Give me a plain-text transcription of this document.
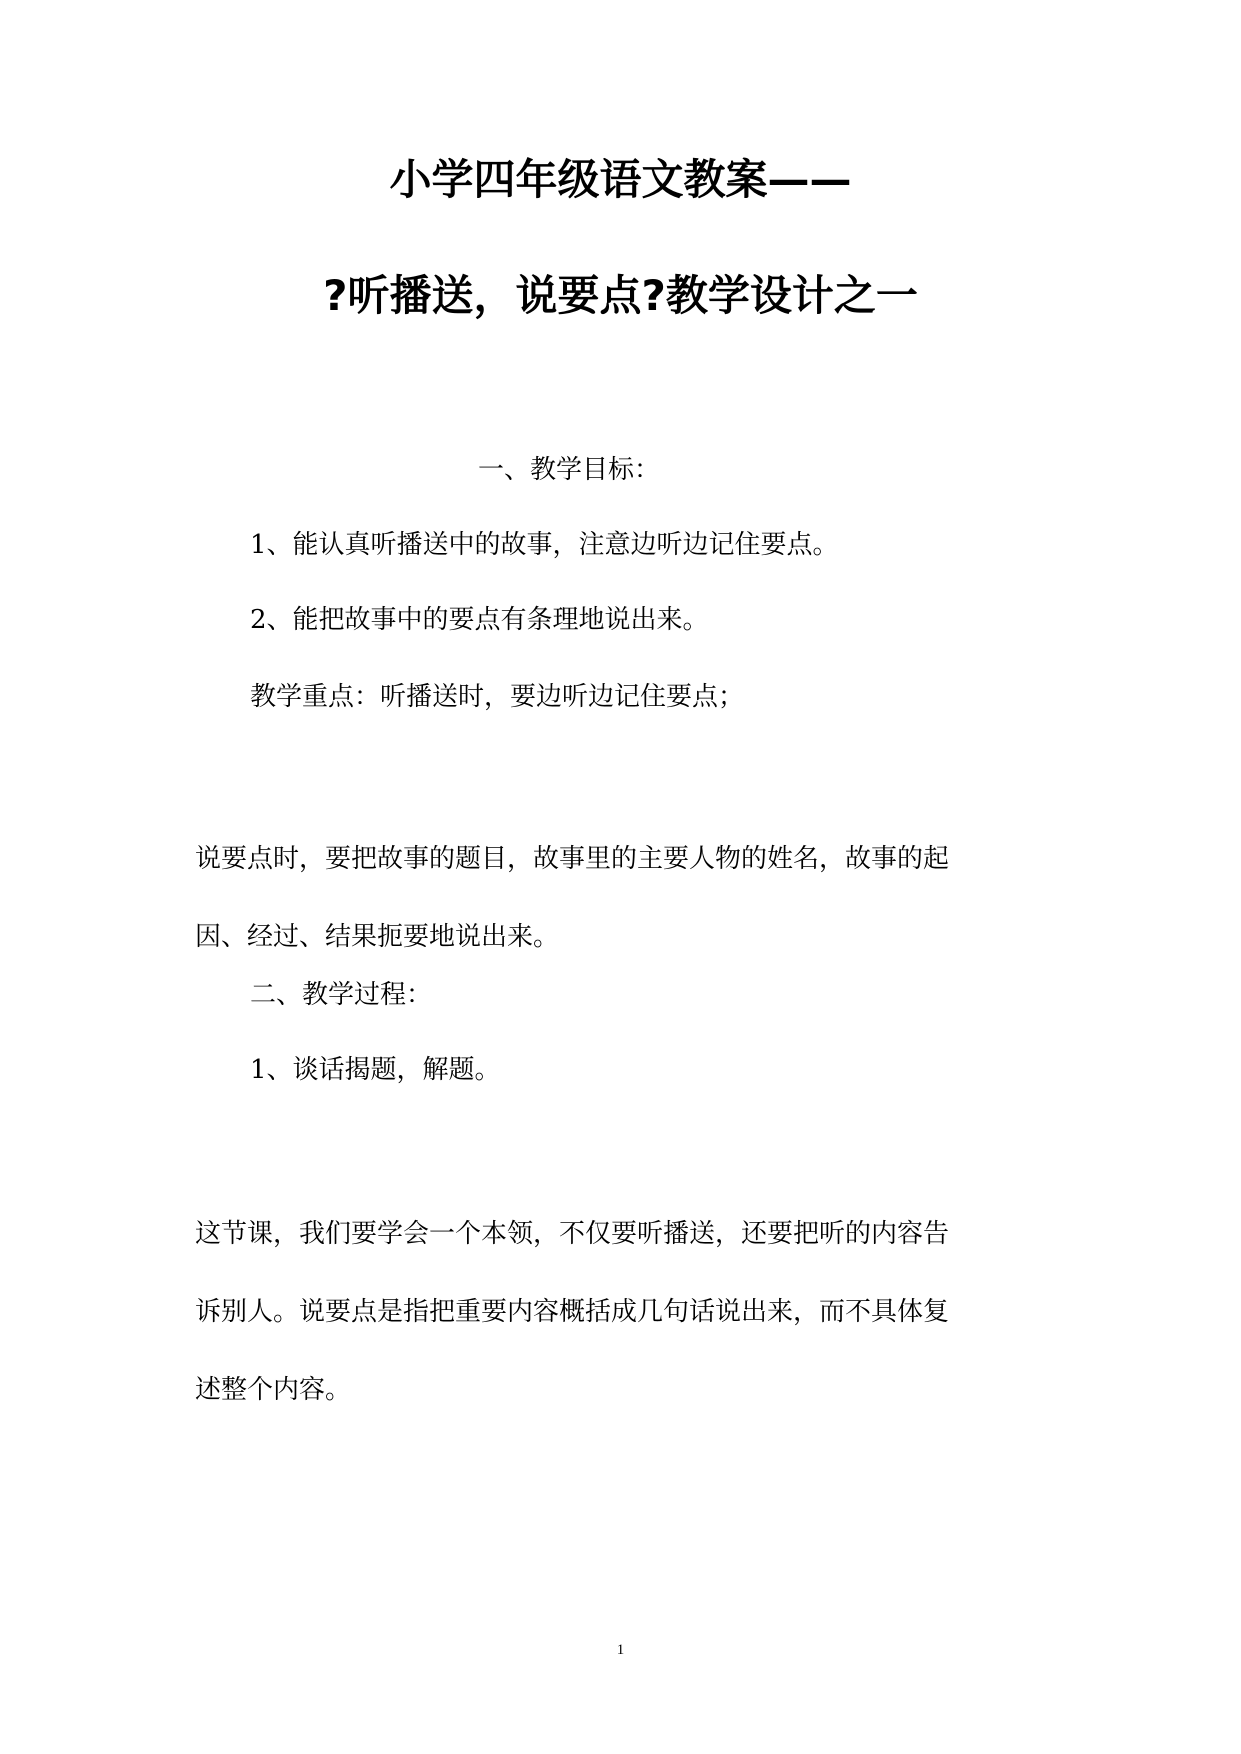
小学四年级语文教案——
?听播送，说要点?教学设计之一

一、教学目标：

1、能认真听播送中的故事，注意边听边记住要点。

2、能把故事中的要点有条理地说出来。

教学重点：听播送时，要边听边记住要点；

说要点时，要把故事的题目，故事里的主要人物的姓名，故事的起
因、经过、结果扼要地说出来。

二、教学过程：

1、谈话揭题，解题。

这节课，我们要学会一个本领，不仅要听播送，还要把听的内容告
诉别人。说要点是指把重要内容概括成几句话说出来，而不具体复
述整个内容。
1
